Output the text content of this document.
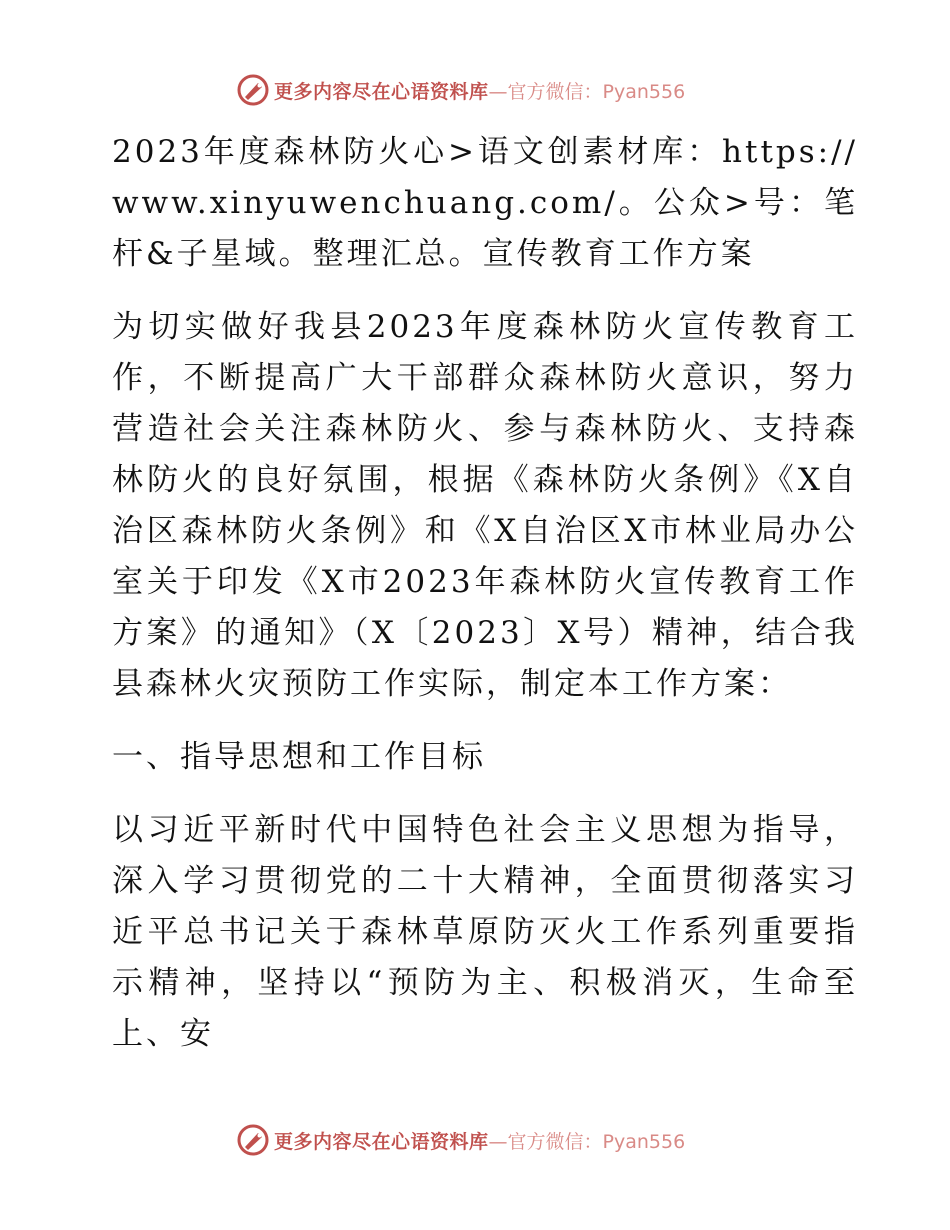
更多内容尽在心语资料库 —官方微信：Pyan556

2023年度森林防火心>语文创素材库：https://www.xinyuwenchuang.com/。公众>号：笔杆&子星域。整理汇总。宣传教育工作方案

为切实做好我县2023年度森林防火宣传教育工作，不断提高广大干部群众森林防火意识，努力营造社会关注森林防火、参与森林防火、支持森林防火的良好氛围，根据《森林防火条例》《X自治区森林防火条例》和《X自治区X市林业局办公室关于印发《X市2023年森林防火宣传教育工作方案》的通知》（X〔2023〕X号）精神，结合我县森林火灾预防工作实际，制定本工作方案：

一、指导思想和工作目标

以习近平新时代中国特色社会主义思想为指导，深入学习贯彻党的二十大精神，全面贯彻落实习近平总书记关于森林草原防灭火工作系列重要指示精神，坚持以“预防为主、积极消灭，生命至上、安

更多内容尽在心语资料库 —官方微信：Pyan556
